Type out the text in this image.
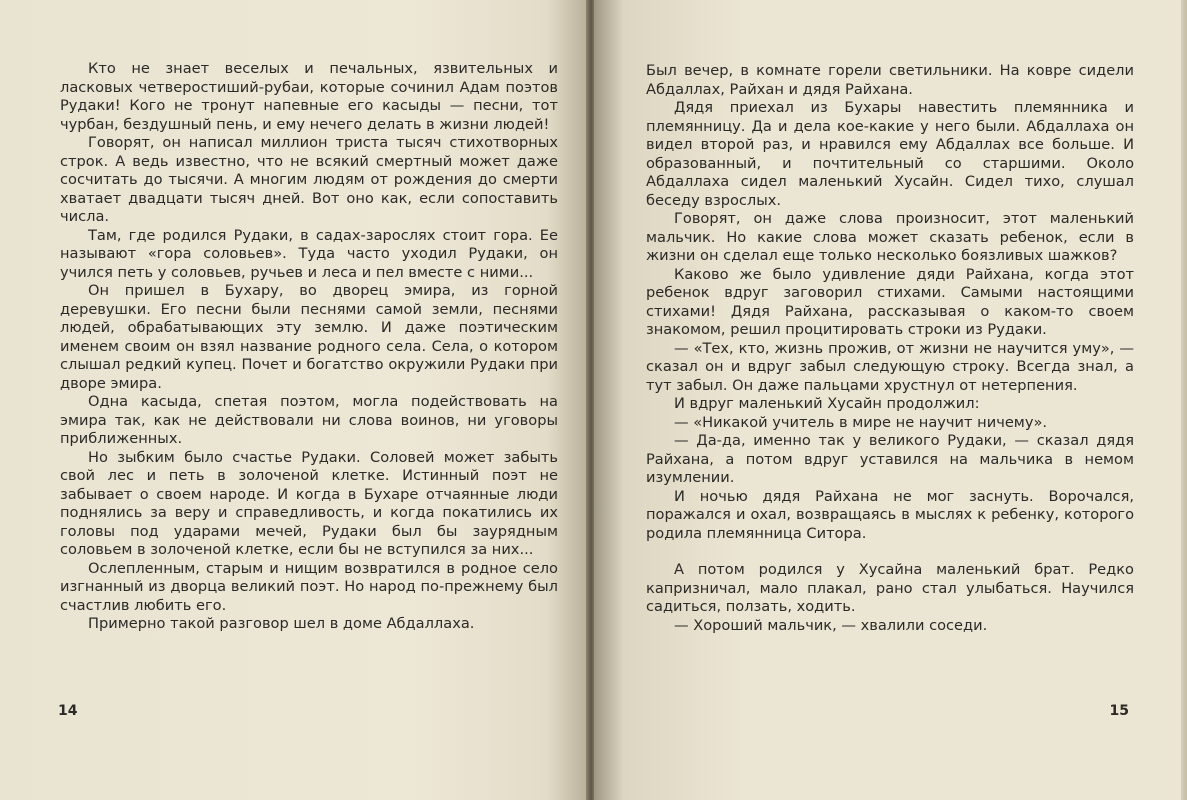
Кто не знает веселых и печальных, язвительных и ласковых четверостиший-рубаи, которые сочинил Адам поэтов Рудаки! Кого не тронут напевные его касыды — песни, тот чурбан, бездушный пень, и ему нечего делать в жизни людей!

Говорят, он написал миллион триста тысяч стихотворных строк. А ведь известно, что не всякий смертный может даже сосчитать до тысячи. А многим людям от рождения до смерти хватает двадцати тысяч дней. Вот оно как, если сопоставить числа.

Там, где родился Рудаки, в садах-зарослях стоит гора. Ее называют «гора соловьев». Туда часто уходил Рудаки, он учился петь у соловьев, ручьев и леса и пел вместе с ними...

Он пришел в Бухару, во дворец эмира, из горной деревушки. Его песни были песнями самой земли, песнями людей, обрабатывающих эту землю. И даже поэтическим именем своим он взял название родного села. Села, о котором слышал редкий купец. Почет и богатство окружили Рудаки при дворе эмира.

Одна касыда, спетая поэтом, могла подействовать на эмира так, как не действовали ни слова воинов, ни уговоры приближенных.

Но зыбким было счастье Рудаки. Соловей может забыть свой лес и петь в золоченой клетке. Истинный поэт не забывает о своем народе. И когда в Бухаре отчаянные люди поднялись за веру и справедливость, и когда покатились их головы под ударами мечей, Рудаки был бы заурядным соловьем в золоченой клетке, если бы не вступился за них...

Ослепленным, старым и нищим возвратился в родное село изгнанный из дворца великий поэт. Но народ по-прежнему был счастлив любить его.

Примерно такой разговор шел в доме Абдаллаха.

14

Был вечер, в комнате горели светильники. На ковре сидели Абдаллах, Райхан и дядя Райхана.

Дядя приехал из Бухары навестить племянника и племянницу. Да и дела кое-какие у него были. Абдаллаха он видел второй раз, и нравился ему Абдаллах все больше. И образованный, и почтительный со старшими. Около Абдаллаха сидел маленький Хусайн. Сидел тихо, слушал беседу взрослых.

Говорят, он даже слова произносит, этот маленький мальчик. Но какие слова может сказать ребенок, если в жизни он сделал еще только несколько боязливых шажков?

Каково же было удивление дяди Райхана, когда этот ребенок вдруг заговорил стихами. Самыми настоящими стихами! Дядя Райхана, рассказывая о каком-то своем знакомом, решил процитировать строки из Рудаки.

— «Тех, кто, жизнь прожив, от жизни не научится уму», — сказал он и вдруг забыл следующую строку. Всегда знал, а тут забыл. Он даже пальцами хрустнул от нетерпения.

И вдруг маленький Хусайн продолжил:

— «Никакой учитель в мире не научит ничему».

— Да-да, именно так у великого Рудаки, — сказал дядя Райхана, а потом вдруг уставился на мальчика в немом изумлении.

И ночью дядя Райхана не мог заснуть. Ворочался, поражался и охал, возвращаясь в мыслях к ребенку, которого родила племянница Ситора.

А потом родился у Хусайна маленький брат. Редко капризничал, мало плакал, рано стал улыбаться. Научился садиться, ползать, ходить.

— Хороший мальчик, — хвалили соседи.

15
